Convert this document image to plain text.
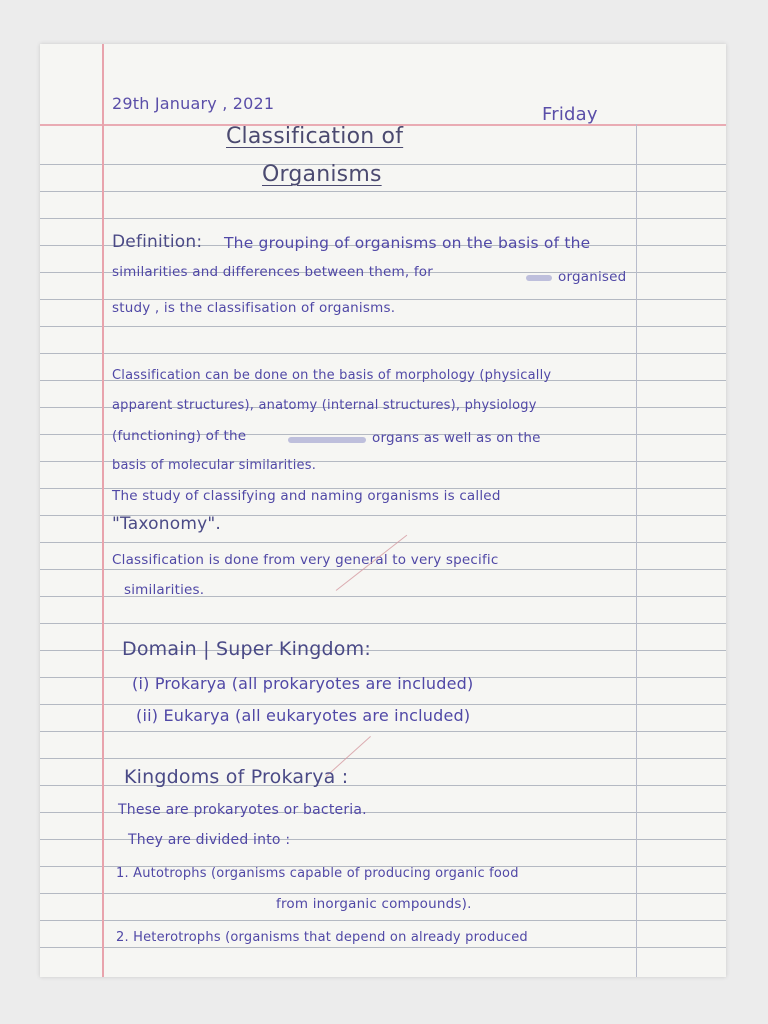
29th January , 2021
Friday
Classification of
Organisms
Definition: The grouping of organisms on the basis of the
similarities and differences between them, for	organised
study , is the classifisation of organisms.
Classification can be done on the basis of morphology (physically
apparent structures), anatomy (internal structures), physiology
(functioning) of the	organs as well as on the
basis of molecular similarities.
The study of classifying and naming organisms is called
"Taxonomy".
Classification is done from very general to very specific
similarities.
Domain | Super Kingdom:
(i) Prokarya (all prokaryotes are included)
(ii) Eukarya (all eukaryotes are included)
Kingdoms of Prokarya :
These are prokaryotes or bacteria.
They are divided into :
1. Autotrophs (organisms capable of producing organic food
from inorganic compounds).
2. Heterotrophs (organisms that depend on already produced
